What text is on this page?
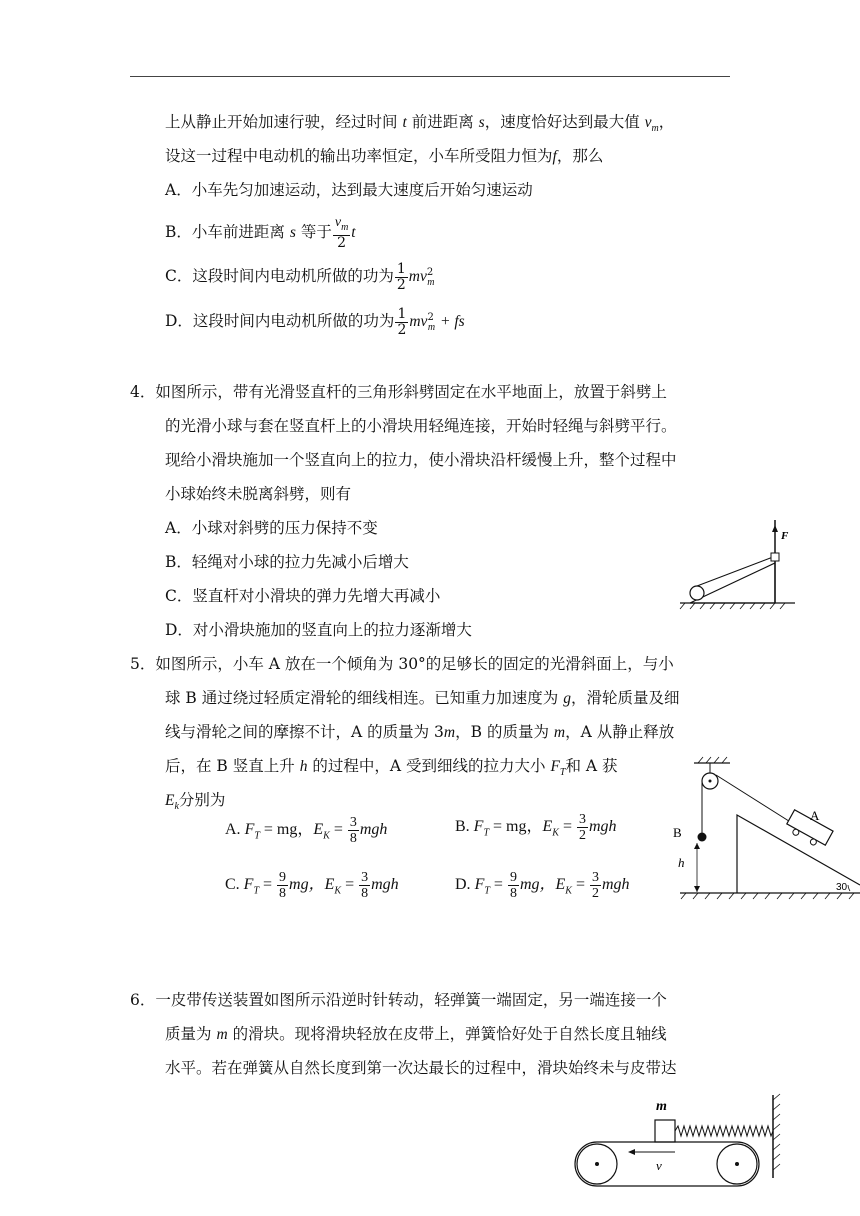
上从静止开始加速行驶，经过时间 t 前进距离 s，速度恰好达到最大值 $v_m$，
设这一过程中电动机的输出功率恒定，小车所受阻力恒为f，那么
A．小车先匀加速运动，达到最大速度后开始匀速运动
B．小车前进距离 s 等于 $\frac{v_m}{2}$ t
C．这段时间内电动机所做的功为 $\frac{1}{2} mv^2_m$
D．这段时间内电动机所做的功为 $\frac{1}{2} mv^2_m$ + fs
4．如图所示，带有光滑竖直杆的三角形斜劈固定在水平地面上，放置于斜劈上
的光滑小球与套在竖直杆上的小滑块用轻绳连接，开始时轻绳与斜劈平行。
现给小滑块施加一个竖直向上的拉力，使小滑块沿杆缓慢上升，整个过程中
小球始终未脱离斜劈，则有
A．小球对斜劈的压力保持不变
B．轻绳对小球的拉力先减小后增大
C．竖直杆对小滑块的弹力先增大再减小
D．对小滑块施加的竖直向上的拉力逐渐增大
F
5．如图所示，小车 A 放在一个倾角为 30°的足够长的固定的光滑斜面上，与小
球 B 通过绕过轻质定滑轮的细线相连。已知重力加速度为 g，滑轮质量及细
线与滑轮之间的摩擦不计，A 的质量为 3m，B 的质量为 m，A 从静止释放
后，在 B 竖直上升 h 的过程中，A 受到细线的拉力大小 $F_T$和 A 获
$E_k$分别为
A. $F_T$ = mg，$E_K = \frac{3}{8}$ mgh	B. $F_T$ = mg，$E_K = \frac{3}{2}$ mgh
C. $F_T = \frac{9}{8}$ mg，$E_K = \frac{3}{8}$ mgh	D. $F_T = \frac{9}{8}$ mg，$E_K = \frac{3}{2}$ mgh
B
h
A
30
6．一皮带传送装置如图所示沿逆时针转动，轻弹簧一端固定，另一端连接一个
质量为 m 的滑块。现将滑块轻放在皮带上，弹簧恰好处于自然长度且轴线
水平。若在弹簧从自然长度到第一次达最长的过程中，滑块始终未与皮带达
m
v
